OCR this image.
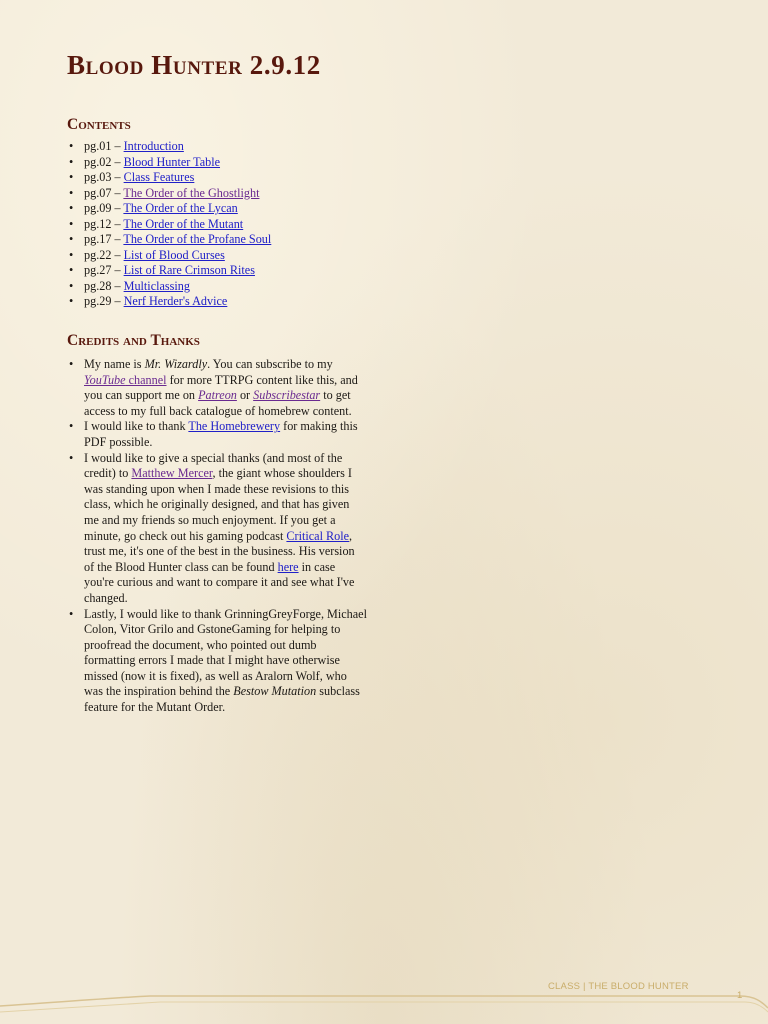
Blood Hunter 2.9.12
Contents
• pg.01 – Introduction
• pg.02 – Blood Hunter Table
• pg.03 – Class Features
• pg.07 – The Order of the Ghostlight
• pg.09 – The Order of the Lycan
• pg.12 – The Order of the Mutant
• pg.17 – The Order of the Profane Soul
• pg.22 – List of Blood Curses
• pg.27 – List of Rare Crimson Rites
• pg.28 – Multiclassing
• pg.29 – Nerf Herder's Advice
Credits and Thanks
• My name is Mr. Wizardly. You can subscribe to my YouTube channel for more TTRPG content like this, and you can support me on Patreon or Subscribestar to get access to my full back catalogue of homebrew content.
• I would like to thank The Homebrewery for making this PDF possible.
• I would like to give a special thanks (and most of the credit) to Matthew Mercer, the giant whose shoulders I was standing upon when I made these revisions to this class, which he originally designed, and that has given me and my friends so much enjoyment. If you get a minute, go check out his gaming podcast Critical Role, trust me, it's one of the best in the business. His version of the Blood Hunter class can be found here in case you're curious and want to compare it and see what I've changed.
• Lastly, I would like to thank GrinningGreyForge, Michael Colon, Vitor Grilo and GstoneGaming for helping to proofread the document, who pointed out dumb formatting errors I made that I might have otherwise missed (now it is fixed), as well as Aralorn Wolf, who was the inspiration behind the Bestow Mutation subclass feature for the Mutant Order.
CLASS | THE BLOOD HUNTER
1
